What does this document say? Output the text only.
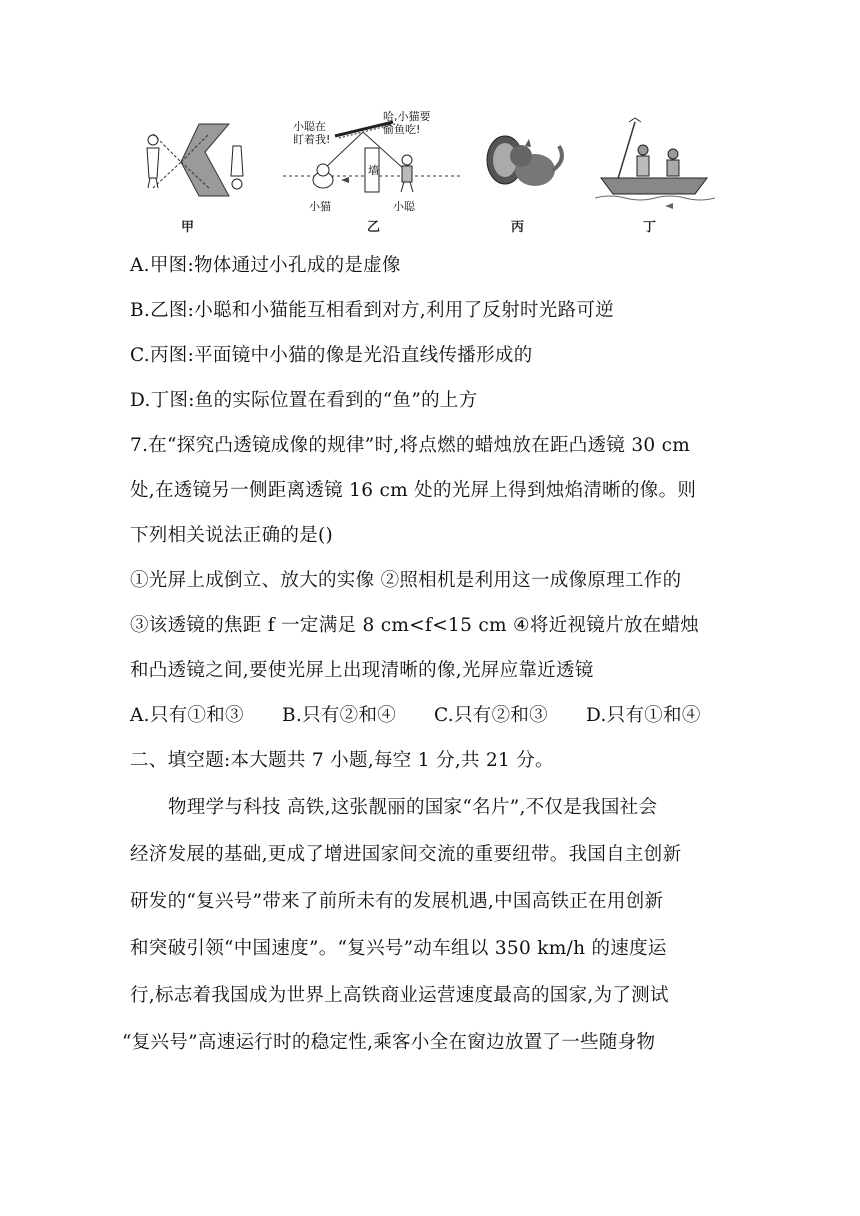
甲
墙
小聪在
盯着我!
哈,小猫要
偷鱼吃!
小猫	小聪
乙	丙	丁
A.甲图:物体通过小孔成的是虚像
B.乙图:小聪和小猫能互相看到对方,利用了反射时光路可逆
C.丙图:平面镜中小猫的像是光沿直线传播形成的
D.丁图:鱼的实际位置在看到的“鱼”的上方
7.在“探究凸透镜成像的规律”时,将点燃的蜡烛放在距凸透镜 30 cm
处,在透镜另一侧距离透镜 16 cm 处的光屏上得到烛焰清晰的像。则
下列相关说法正确的是()
①光屏上成倒立、放大的实像 ②照相机是利用这一成像原理工作的
③该透镜的焦距 f 一定满足 8 cm<f<15 cm ④将近视镜片放在蜡烛
和凸透镜之间,要使光屏上出现清晰的像,光屏应靠近透镜
A.只有①和③ B.只有②和④ C.只有②和③ D.只有①和④
二、填空题:本大题共 7 小题,每空 1 分,共 21 分。
物理学与科技 高铁,这张靓丽的国家“名片”,不仅是我国社会
经济发展的基础,更成了增进国家间交流的重要纽带。我国自主创新
研发的“复兴号”带来了前所未有的发展机遇,中国高铁正在用创新
和突破引领“中国速度”。“复兴号”动车组以 350 km/h 的速度运
行,标志着我国成为世界上高铁商业运营速度最高的国家,为了测试
“复兴号”高速运行时的稳定性,乘客小全在窗边放置了一些随身物
